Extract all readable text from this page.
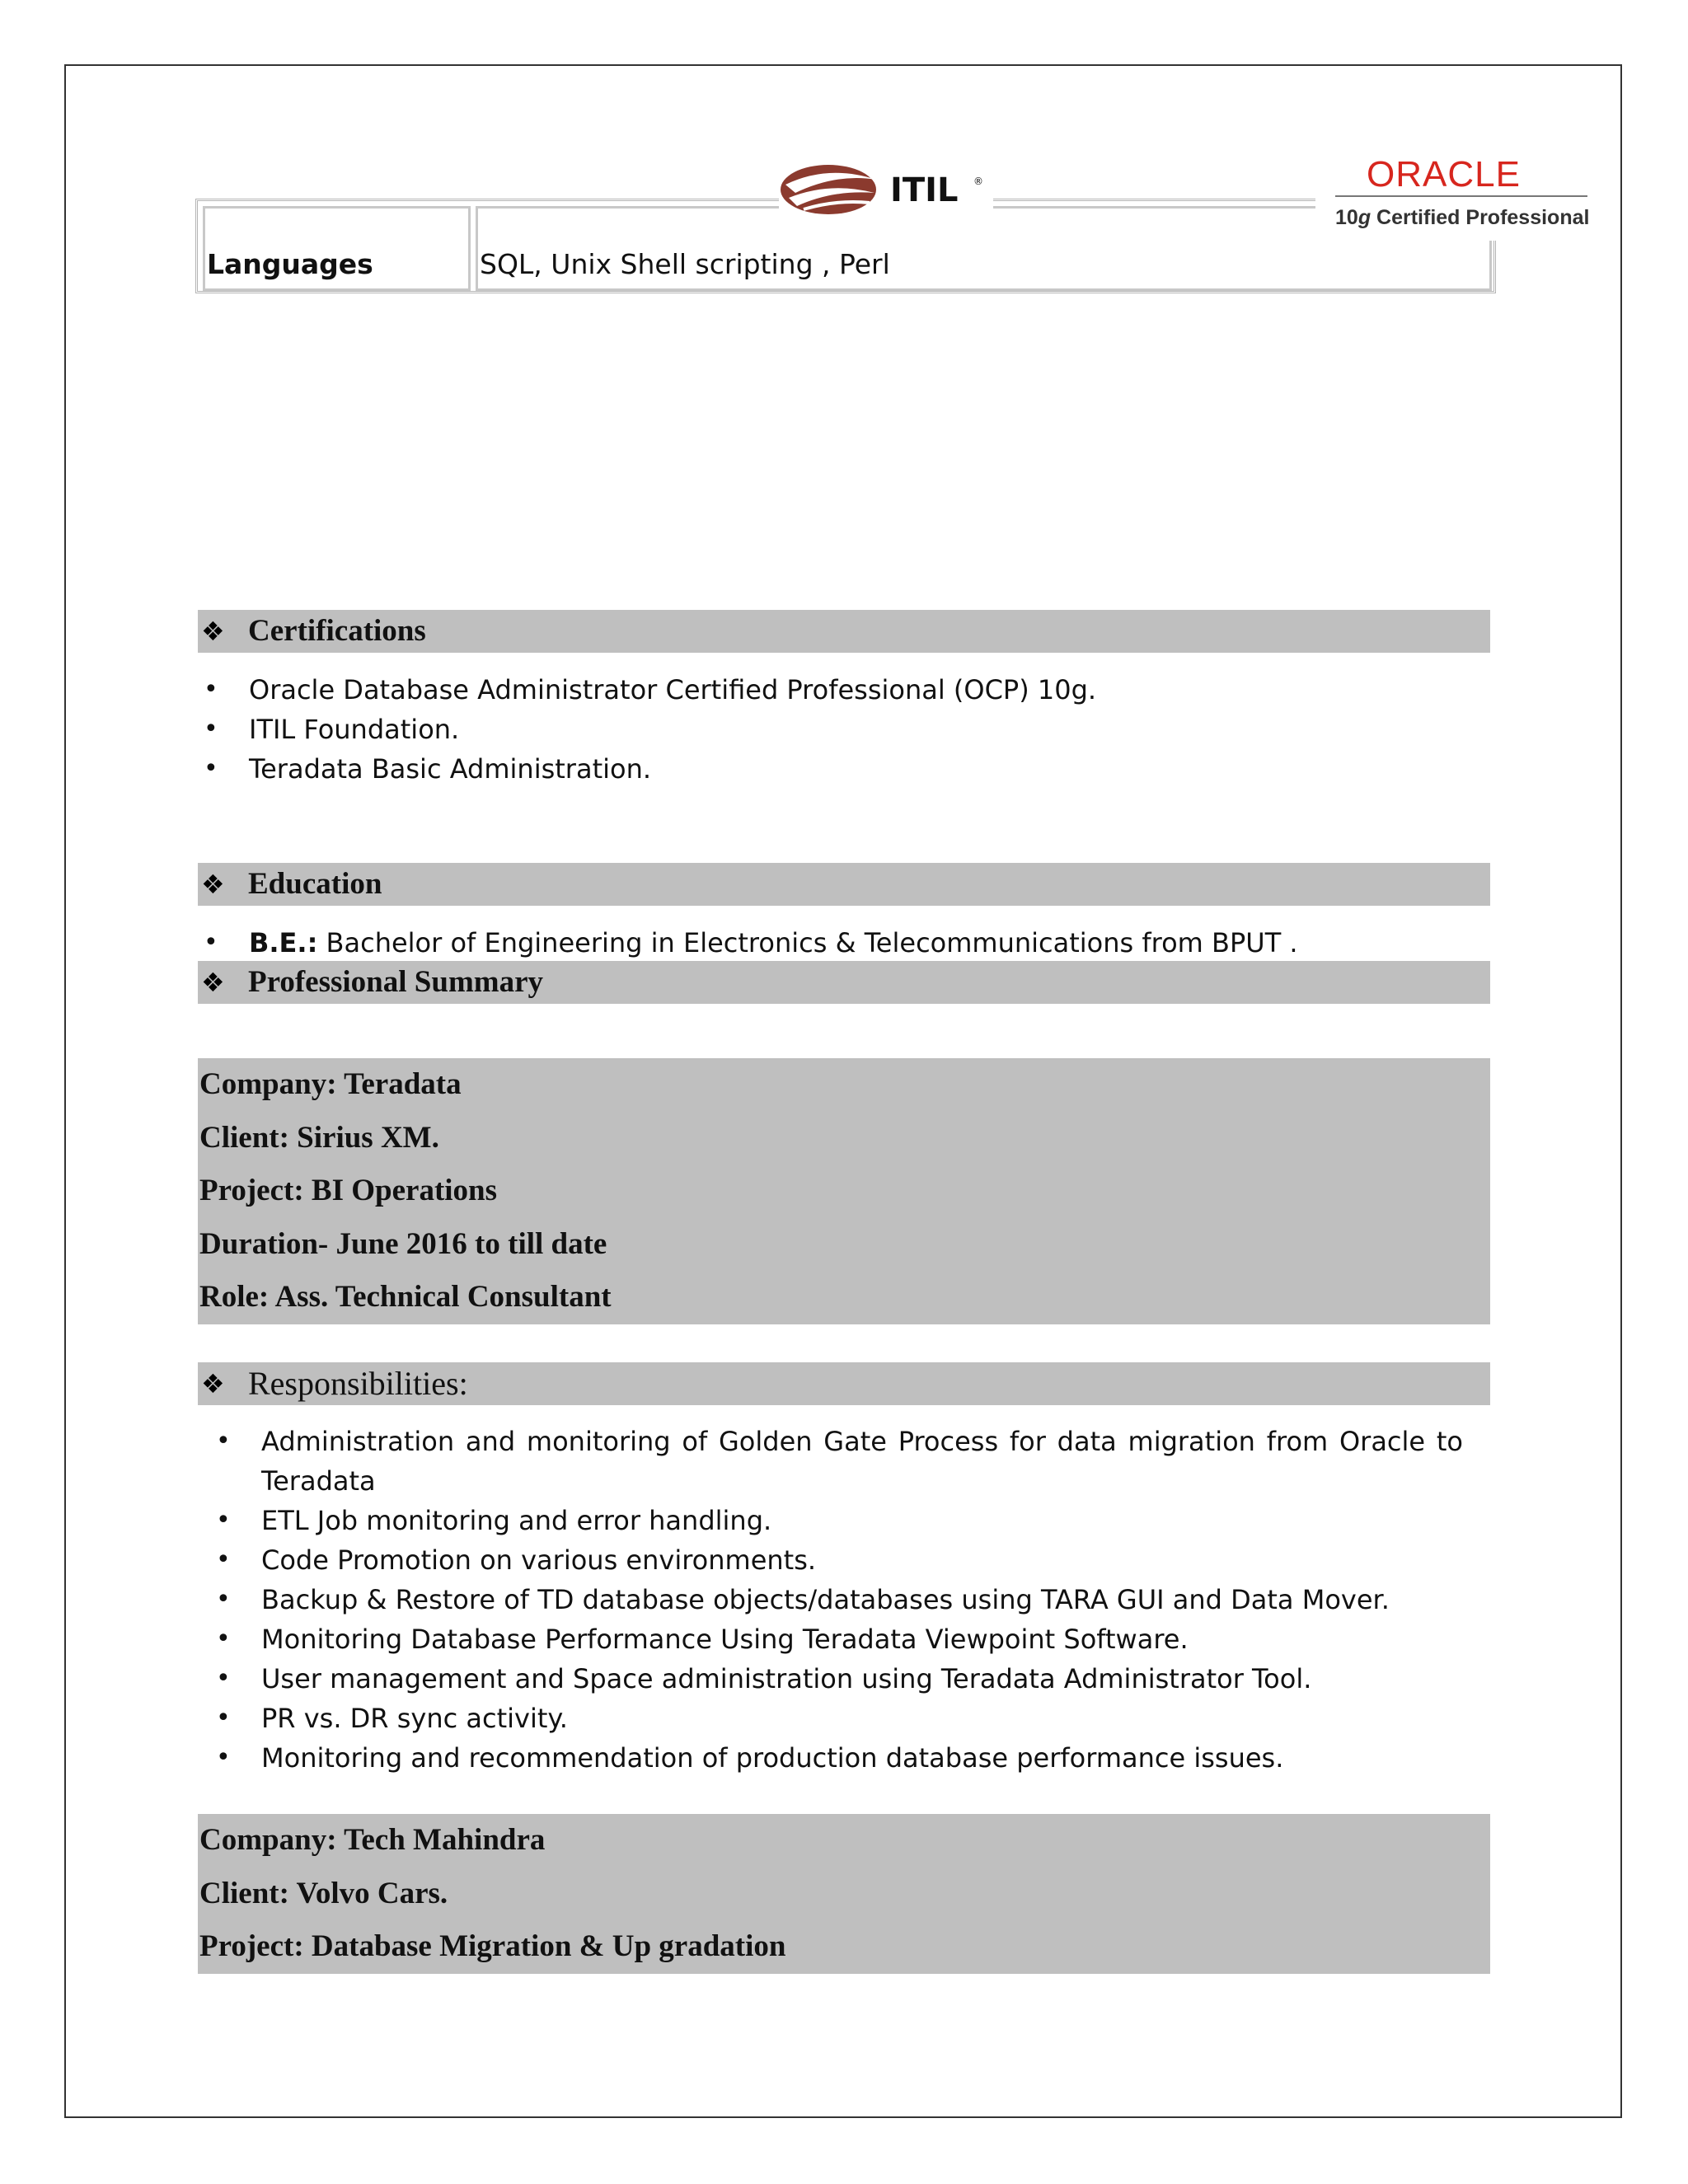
Languages	SQL, Unix Shell scripting , Perl
ITIL ®	ORACLE
10g Certified Professional
❖ Certifications
• Oracle Database Administrator Certified Professional (OCP) 10g.
• ITIL Foundation.
• Teradata Basic Administration.
❖ Education
• B.E.: Bachelor of Engineering in Electronics & Telecommunications from BPUT .
❖ Professional Summary
Company: Teradata
Client: Sirius XM.
Project: BI Operations
Duration- June 2016 to till date
Role: Ass. Technical Consultant
❖ Responsibilities:
• Administration and monitoring of Golden Gate Process for data migration from Oracle to
Teradata
• ETL Job monitoring and error handling.
• Code Promotion on various environments.
• Backup & Restore of TD database objects/databases using TARA GUI and Data Mover.
• Monitoring Database Performance Using Teradata Viewpoint Software.
• User management and Space administration using Teradata Administrator Tool.
• PR vs. DR sync activity.
• Monitoring and recommendation of production database performance issues.
Company: Tech Mahindra
Client: Volvo Cars.
Project: Database Migration & Up gradation
